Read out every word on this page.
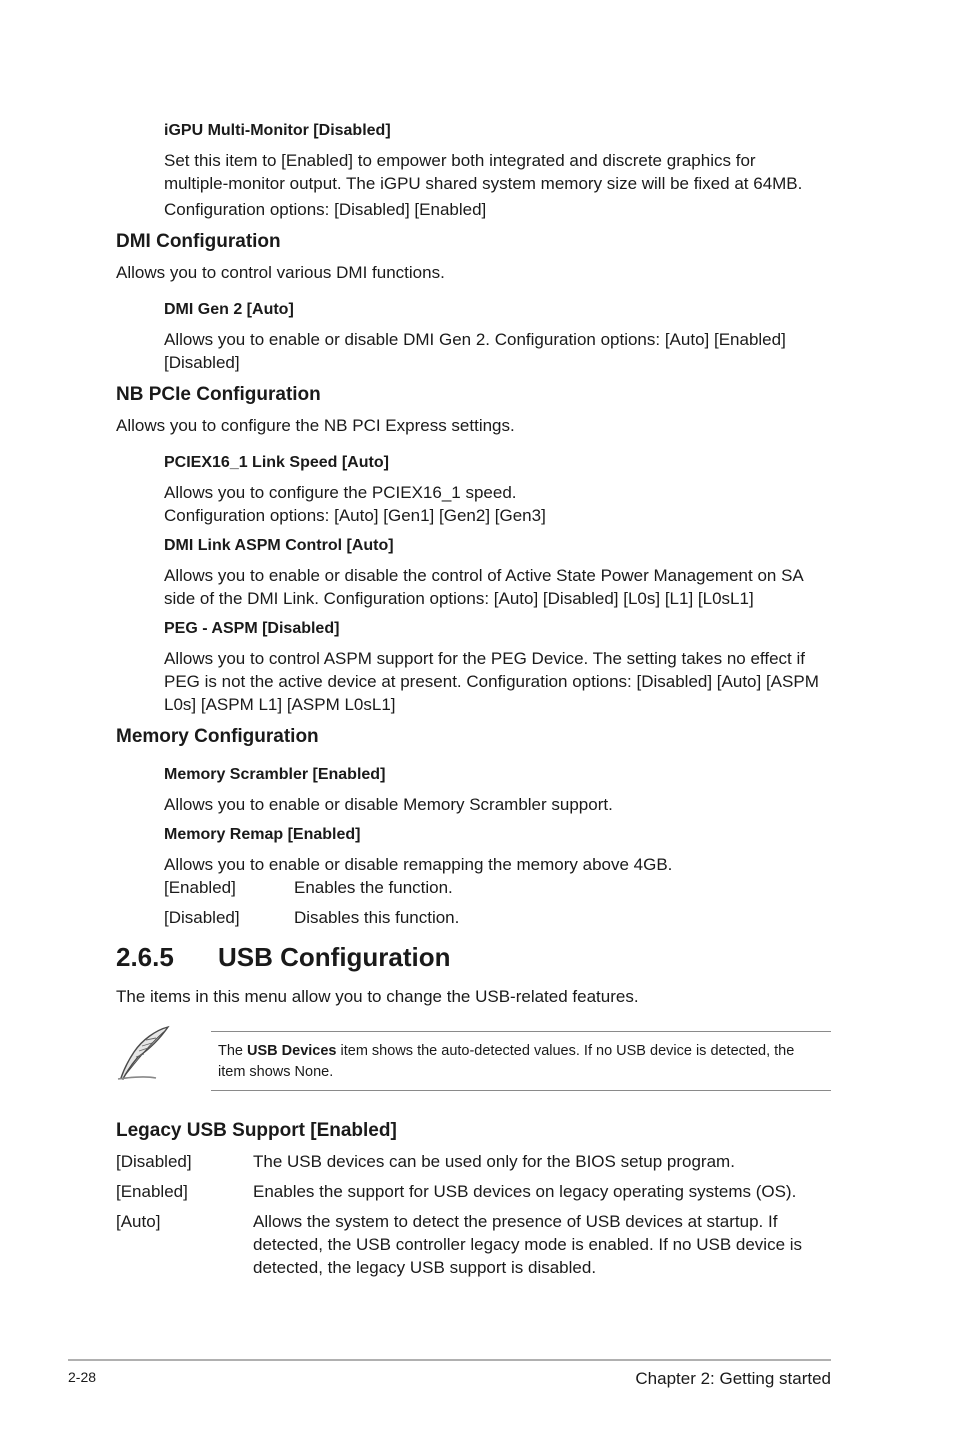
iGPU Multi-Monitor [Disabled]
Set this item to [Enabled] to empower both integrated and discrete graphics for
multiple-monitor output. The iGPU shared system memory size will be fixed at 64MB.
Configuration options: [Disabled] [Enabled]
DMI Configuration
Allows you to control various DMI functions.
DMI Gen 2 [Auto]
Allows you to enable or disable DMI Gen 2. Configuration options: [Auto] [Enabled]
[Disabled]
NB PCIe Configuration
Allows you to configure the NB PCI Express settings.
PCIEX16_1 Link Speed [Auto]
Allows you to configure the PCIEX16_1 speed.
Configuration options: [Auto] [Gen1] [Gen2] [Gen3]
DMI Link ASPM Control [Auto]
Allows you to enable or disable the control of Active State Power Management on SA
side of the DMI Link. Configuration options: [Auto] [Disabled] [L0s] [L1] [L0sL1]
PEG - ASPM [Disabled]
Allows you to control ASPM support for the PEG Device. The setting takes no effect if
PEG is not the active device at present. Configuration options: [Disabled] [Auto] [ASPM
L0s] [ASPM L1] [ASPM L0sL1]
Memory Configuration
Memory Scrambler [Enabled]
Allows you to enable or disable Memory Scrambler support.
Memory Remap [Enabled]
Allows you to enable or disable remapping the memory above 4GB.
[Enabled]	Enables the function.
[Disabled]	Disables this function.
2.6.5 USB Configuration
The items in this menu allow you to change the USB-related features.
The USB Devices item shows the auto-detected values. If no USB device is detected, the
item shows None.
Legacy USB Support [Enabled]
[Disabled]	The USB devices can be used only for the BIOS setup program.
[Enabled]	Enables the support for USB devices on legacy operating systems (OS).
[Auto]	Allows the system to detect the presence of USB devices at startup. If
detected, the USB controller legacy mode is enabled. If no USB device is
detected, the legacy USB support is disabled.
2-28	Chapter 2: Getting started
